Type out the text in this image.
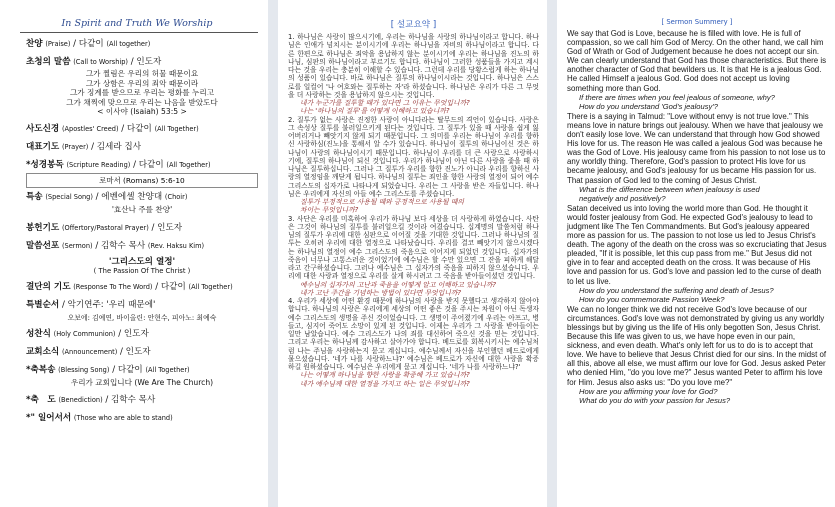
In Spirit and Truth We Worship
찬양 (Praise) / 다같이 (All together)
초청의 말씀 (Call to Worship) / 인도자
그가 찔림은 우리의 허물 때문이요
그가 상함은 우리의 죄악 때문이라
그가 징계를 받으므로 우리는 평화를 누리고
그가 채찍에 맞으므로 우리는 나음을 받았도다
< 이사야 (Isaiah) 53:5 >
사도신경 (Apostles' Creed) / 다같이 (All Together)
대표기도 (Prayer) / 김세라 집사
*성경봉독 (Scripture Reading) / 다같이 (All Together)
로마서 (Romans) 5:6-10
특송 (Special Song) / 에벤에셀 찬양대 (Choir)
'효산나 주를 찬양'
봉헌기도 (Offertory/Pastoral Prayer) / 인도자
말씀선포 (Sermon) / 김학수 목사 (Rev. Haksu Kim)
'그리스도의 열정'
( The Passion Of The Christ )
결단의 기도 (Response To The Word) / 다같이 (All Together)
특별순서 / 악기연주: '우리 때문에'
오보에: 김예연, 바이올린: 안현수, 피아노: 최예숙
성찬식 (Holy Communion) / 인도자
교회소식 (Announcement) / 인도자
*축복송 (Blessing Song) / 다같이 (All Together)
우리가 교회입니다 (We Are The Church)
*축　도 (Benediction) / 김학수 목사
*" 일어서서 (Those who are able to stand)
[ 설교요약 ]

1. 하나님은 사랑이 많으시기에, 우리는 하나님을 사랑의 하나님이라고 합니다. 하나님은 인애가 넘치시는 분이시기에 우리는 하나님을 자비의 하나님이라고 합니다. 다른 한편으로 하나님은 죄악을 용납하지 않는 분이시기에 우리는 하나님을 진노의 하나님, 심판의 하나님이라고 부르기도 합니다. 하나님이 그러한 성품들을 가지고 계시다는 것을 우리는 충분히 이해할 수 있습니다. 그런데 우리를 당황스럽게 하는 하나님의 성품이 있습니다. 바로 하나님은 질투의 하나님이시라는 것입니다. 하나님은 스스로를 일컬어 '나 여호와는 질투하는 자'라 하셨습니다. 하나님은 우리가 다른 그 무엇을 더 사랑하는 것을 용납하지 않으시는 것입니다.

내가 누군가를 질투할 때가 있다면 그 이유는 무엇입니까?

나는 '하나님의 질투'를 어떻게 이해하고 있습니까?

2. 질투가 없는 사랑은 진정한 사랑이 아니다라는 탈무드의 격언이 있습니다. 사랑은 그 속성상 질투를 불러일으키게 된다는 것입니다. 그 질투가 있을 때 사랑을 쉽게 잃어버리거나 빼앗기지 않게 되기 때문입니다. 그 의미를 우리는 하나님이 우리를 향하신 사랑하심(진노)을 통해서 알 수가 있습니다. 하나님이 질투의 하나님이신 것은 하나님이 사랑의 하나님이시기 때문입니다. 하나님이 우리를 더 큰 사랑으로 사랑하시기에, 질투의 하나님이 되신 것입니다. 우리가 하나님이 아닌 다른 사랑을 좇을 때 하나님은 질투하십니다. 그러나 그 질투가 우리를 향한 진노가 아니라 우리를 향하신 사랑의 열정임을 깨닫게 됩니다. 하나님의 질투는 죄인을 향한 사랑의 열정이 되어 예수 그리스도의 십자가로 나타나게 되었습니다. 우리는 그 사랑을 받은 자들입니다. 하나님은 우리에게 자신의 아들 예수 그리스도를 주셨습니다.

질투가 부정적으로 사용될 때와 긍정적으로 사용될 때의

차이는 무엇입니까?

3. 사단은 우리를 미혹하여 우리가 하나님 보다 세상을 더 사랑하게 하였습니다. 사탄은 그것이 하나님의 질투를 불러일으킬 것이라 여겼습니다. 십계명의 말씀처럼 하나님의 질투가 우리에 대한 심판으로 이어질 것을 기대한 것입니다. 그러나 하나님의 질투는 오히려 우리에 대한 열정으로 나타났습니다. 우리를 결코 빼앗기지 않으시겠다는 하나님의 열정이 예수 그리스도의 죽음으로 이어지게 되었던 것입니다. 십자가의 죽음이 너무나 고통스러운 것이었기에 예수님은 할 수만 있으면 그 잔을 피하게 해달라고 간구하셨습니다. 그러나 예수님은 그 십자가의 죽음을 피하지 않으셨습니다. 우리에 대한 사랑과 열정으로 우리를 살게 하시려고 그 죽음을 받아들이셨던 것입니다.

예수님의 십자가의 고난과 죽음을 어떻게 알고 이해하고 있습니까?

내가 고난 주간을 기념하는 방법이 있다면 무엇입니까?

4. 우리가 세상에 어떤 환경 때문에 하나님의 사랑을 받지 못했다고 생각하지 않아야 합니다. 하나님의 사랑은 우리에게 세상의 어떤 좋은 것을 주시는 차원이 아닌 독생자 예수 그리스도의 생명을 주신 것이었습니다. 그 생명이 주어졌기에 우리는 아프고, 병들고, 심지어 죽어도 소망이 있게 된 것입니다. 이제는 우리가 그 사랑을 받아들이는 일만 남았습니다. 예수 그리스도가 나의 죄를 대신하여 죽으신 것을 믿는 것입니다. 그리고 우리는 하나님께 감사하고 살아가야 합니다. 베드로를 회복시키시는 예수님처럼 나는 주님을 사랑하는지 묻고 계십니다. 예수님께서 자신을 부인했던 베드로에게 물으셨습니다. '네가 나를 사랑하느냐?' 예수님은 베드로가 자신에 대한 사랑을 확증하길 원하셨습니다. 예수님은 우리에게 묻고 계십니다. '네가 나를 사랑하느냐?'

나는 어떻게 하나님을 향한 사랑을 확증해 가고 있습니까?

내가 예수님께 대한 열정을 가지고 하는 일은 무엇입니까?

[ Sermon Summery ]

We say that God is Love, because he is filled with love. He is full of compassion, so we call him God of Mercy. On the other hand, we call him God of Wrath or God of Judgement because he does not accept our sin. We can clearly understand that God has those characteristics. But there is another character of God that bewilders us. It is that He is a jealous God. He called Himself a jealous God. God does not accept us loving something more than God.

If there are times when you feel jealous of someone, why?

How do you understand 'God's jealousy'?

There is a saying in Talmud: "Love without envy is not true love." This means love in nature brings out jealousy. When we have that jealousy we don't easily lose love. We can understand that through how God showed His love for us. The reason He was called a jealous God was because he was the God of Love. His jealousy came from his passion to not lose us to any worldly thing. Therefore, God's passion to protect His love for us became jealousy, and God's jealousy for us became His passion for us. That passion of God led to the coming of Jesus Christ.

What is the difference between when jealousy is used

negatively and positively?

Satan deceived us into loving the world more than God. He thought it would foster jealousy from God. He expected God's jealousy to lead to judgment like The Ten Commandments. But God's jealousy appeared more as passion for us. The passion to not lose us led to Jesus Christ's death. The agony of the death on the cross was so excruciating that Jesus pleaded, "If it is possible, let this cup pass from me." But Jesus did not give in to fear and accepted death on the cross. It was because of His love and passion for us. God's love and passion led to the curse of death to let us live.

How do you understand the suffering and death of Jesus?

How do you commemorate Passion Week?

We can no longer think we did not receive God's love because of our circumstances. God's love was not demonstrated by giving us any worldly blessings but by giving us the life of His only begotten Son, Jesus Christ. Because this life was given to us, we have hope even in our pain, sickness, and even death. What's only left for us to do is to accept that love. We have to believe that Jesus Christ died for our sins. In the midst of all this, above all else, we must affirm our love for God. Jesus asked Peter who denied Him, "do you love me?" Jesus wanted Peter to affirm his love for Him. Jesus also asks us: "Do you love me?"

How are you affirming your love for God?

What do you do with your passion for Jesus?
